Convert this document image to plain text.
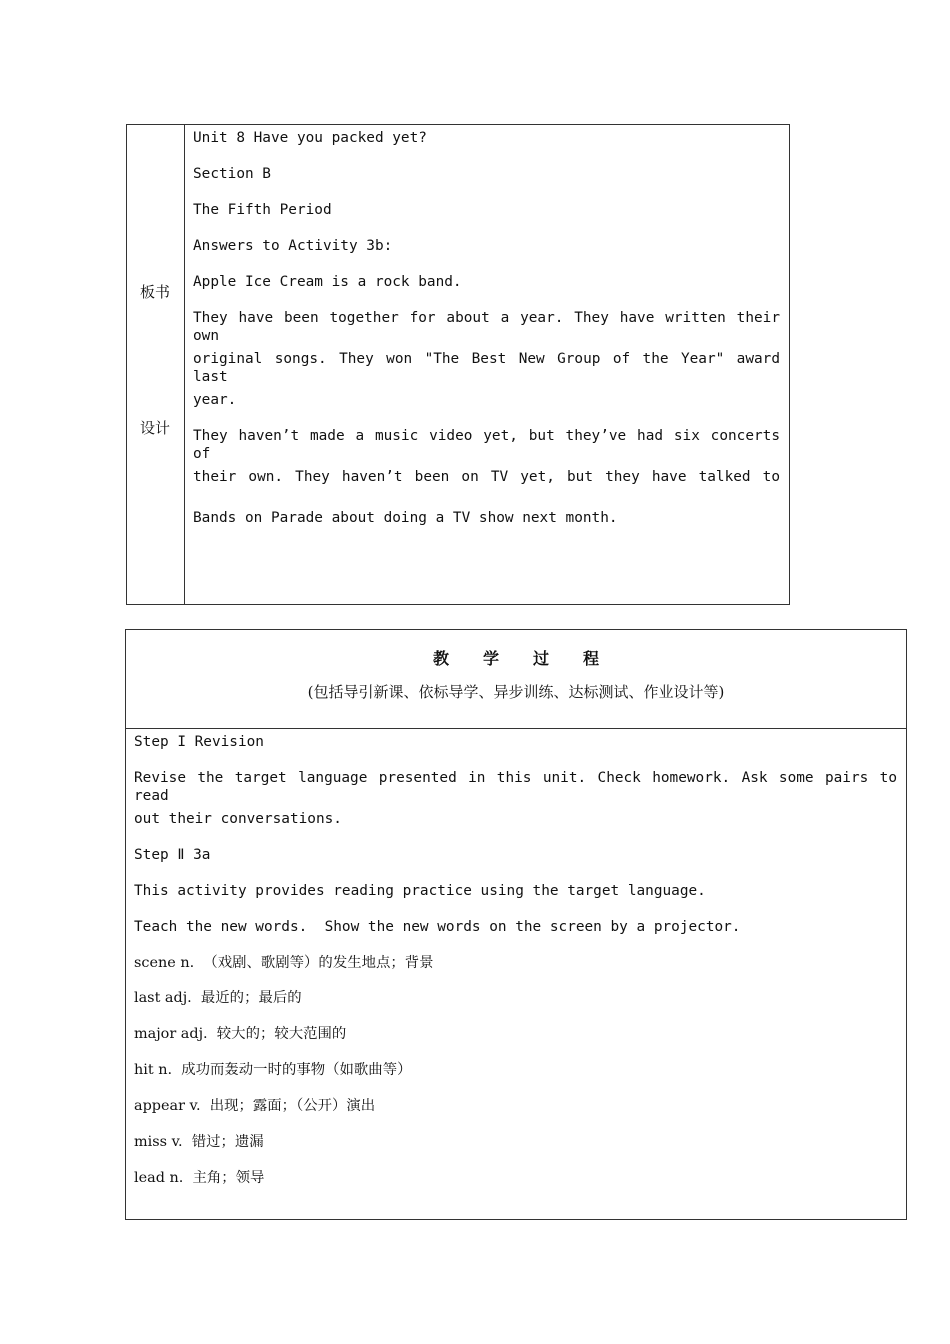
板书
设计
Unit 8 Have you packed yet?
Section B
The Fifth Period
Answers to Activity 3b:
Apple Ice Cream is a rock band.
They have been together for about a year. They have written their own
original songs. They won "The Best New Group of the Year" award last
year.
They haven’t made a music video yet, but they’ve had six concerts of
their own. They haven’t been on TV yet, but they have talked to
Bands on Parade about doing a TV show next month.
教 学 过 程
(包括导引新课、依标导学、异步训练、达标测试、作业设计等)
Step I Revision
Revise the target language presented in this unit. Check homework. Ask some pairs to read
out their conversations.
Step Ⅱ 3a
This activity provides reading practice using the target language.
Teach the new words.  Show the new words on the screen by a projector.
scene n.  （戏剧、歌剧等）的发生地点；背景
last adj.  最近的；最后的
major adj.  较大的；较大范围的
hit n.  成功而轰动一时的事物（如歌曲等）
appear v.  出现；露面；（公开）演出
miss v.  错过；遗漏
lead n.  主角；领导
